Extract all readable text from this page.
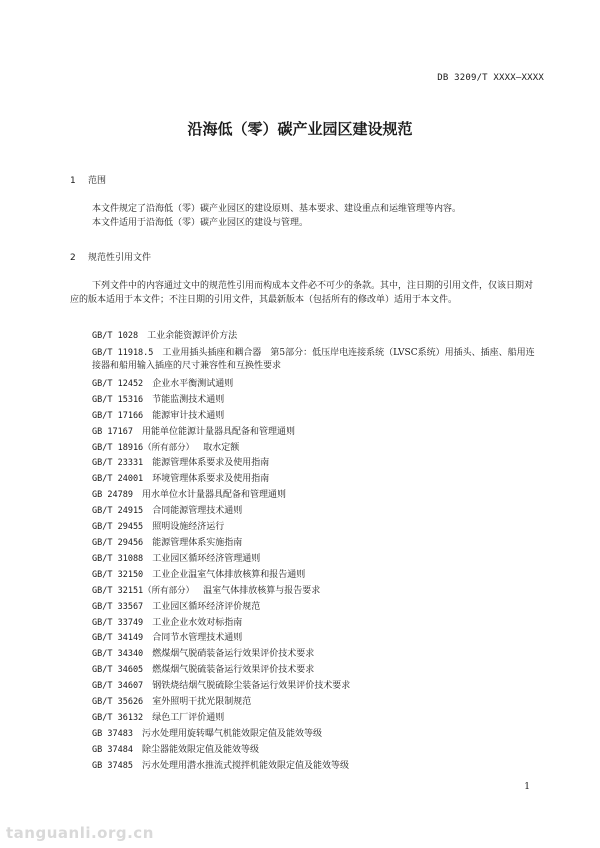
DB 3209/T XXXX—XXXX
沿海低（零）碳产业园区建设规范
1 范围

本文件规定了沿海低（零）碳产业园区的建设原则、基本要求、建设重点和运维管理等内容。

本文件适用于沿海低（零）碳产业园区的建设与管理。

2 规范性引用文件

下列文件中的内容通过文中的规范性引用而构成本文件必不可少的条款。其中，注日期的引用文件，仅该日期对应的版本适用于本文件；不注日期的引用文件，其最新版本（包括所有的修改单）适用于本文件。

GB/T 1028  工业余能资源评价方法
GB/T 11918.5  工业用插头插座和耦合器　第5部分：低压岸电连接系统（LVSC系统）用插头、插座、船用连接器和船用输入插座的尺寸兼容性和互换性要求
GB/T 12452  企业水平衡测试通则
GB/T 15316  节能监测技术通则
GB/T 17166  能源审计技术通则
GB 17167  用能单位能源计量器具配备和管理通则
GB/T 18916（所有部分）  取水定额
GB/T 23331  能源管理体系要求及使用指南
GB/T 24001  环境管理体系要求及使用指南
GB 24789  用水单位水计量器具配备和管理通则
GB/T 24915  合同能源管理技术通则
GB/T 29455  照明设施经济运行
GB/T 29456  能源管理体系实施指南
GB/T 31088  工业园区循环经济管理通则
GB/T 32150  工业企业温室气体排放核算和报告通则
GB/T 32151（所有部分）  温室气体排放核算与报告要求
GB/T 33567  工业园区循环经济评价规范
GB/T 33749  工业企业水效对标指南
GB/T 34149  合同节水管理技术通则
GB/T 34340  燃煤烟气脱硝装备运行效果评价技术要求
GB/T 34605  燃煤烟气脱硫装备运行效果评价技术要求
GB/T 34607  钢铁烧结烟气脱硫除尘装备运行效果评价技术要求
GB/T 35626  室外照明干扰光限制规范
GB/T 36132  绿色工厂评价通则
GB 37483  污水处理用旋转曝气机能效限定值及能效等级
GB 37484  除尘器能效限定值及能效等级
GB 37485  污水处理用潜水推流式搅拌机能效限定值及能效等级
1
tanguanli.org.cn
